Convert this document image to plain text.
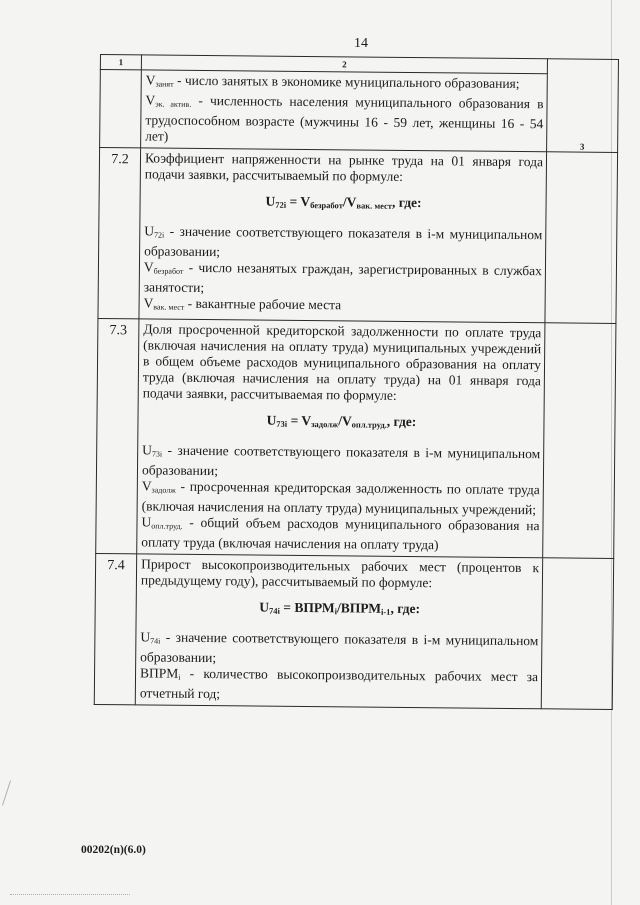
14
1	2	3

	$V_{занят}$ - число занятых в экономике муниципального образования;

$V_{эк. актив.}$ - численность населения муниципального образования в трудоспособном возрасте (мужчины 16 - 59 лет, женщины 16 - 54 лет)	

7.2	Коэффициент напряженности на рынке труда на 01 января года подачи заявки, рассчитываемый по формуле:

U72i = Vбезработ/Vвак. мест, где:

$U_{72i}$ - значение соответствующего показателя в i-м муниципальном образовании;

$V_{безработ}$ - число незанятых граждан, зарегистрированных в службах занятости;

$V_{вак. мест}$ - вакантные рабочие места	

7.3	Доля просроченной кредиторской задолженности по оплате труда (включая начисления на оплату труда) муниципальных учреждений в общем объеме расходов муниципального образования на оплату труда (включая начисления на оплату труда) на 01 января года подачи заявки, рассчитываемая по формуле:

U73i = Vзадолж/Vопл.труд., где:

$U_{73i}$ - значение соответствующего показателя в i-м муниципальном образовании;

$V_{задолж}$ - просроченная кредиторская задолженность по оплате труда (включая начисления на оплату труда) муниципальных учреждений;

$U_{опл.труд.}$ - общий объем расходов муниципального образования на оплату труда (включая начисления на оплату труда)	

7.4	Прирост высокопроизводительных рабочих мест (процентов к предыдущему году), рассчитываемый по формуле:

U74i = ВПРМi/ВПРМi-1, где:

$U_{74i}$ - значение соответствующего показателя в i-м муниципальном образовании;

$ВПРМ_i$ - количество высокопроизводительных рабочих мест за отчетный год;	

00202(n)(6.0)
